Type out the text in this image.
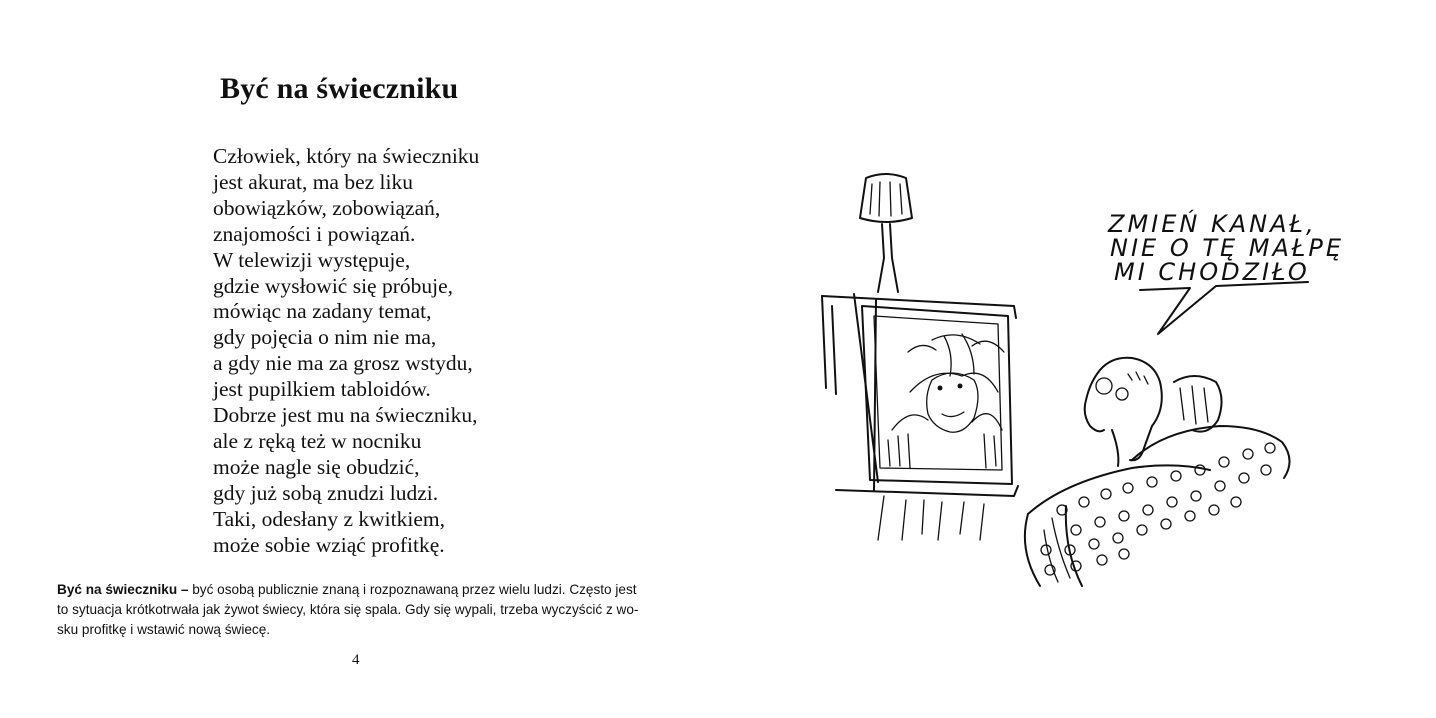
Być na świeczniku
Człowiek, który na świeczniku
jest akurat, ma bez liku
obowiązków, zobowiązań,
znajomości i powiązań.
W telewizji występuje,
gdzie wysłowić się próbuje,
mówiąc na zadany temat,
gdy pojęcia o nim nie ma,
a gdy nie ma za grosz wstydu,
jest pupilkiem tabloidów.
Dobrze jest mu na świeczniku,
ale z ręką też w nocniku
może nagle się obudzić,
gdy już sobą znudzi ludzi.
Taki, odesłany z kwitkiem,
może sobie wziąć profitkę.
Być na świeczniku – być osobą publicznie znaną i rozpoznawaną przez wielu ludzi. Często jest
to sytuacja krótkotrwała jak żywot świecy, która się spala. Gdy się wypali, trzeba wyczyścić z wo-
sku profitkę i wstawić nową świecę.
4
ZMIEŃ KANAŁ,
NIE O TĘ MAŁPĘ
MI CHODZIŁO
